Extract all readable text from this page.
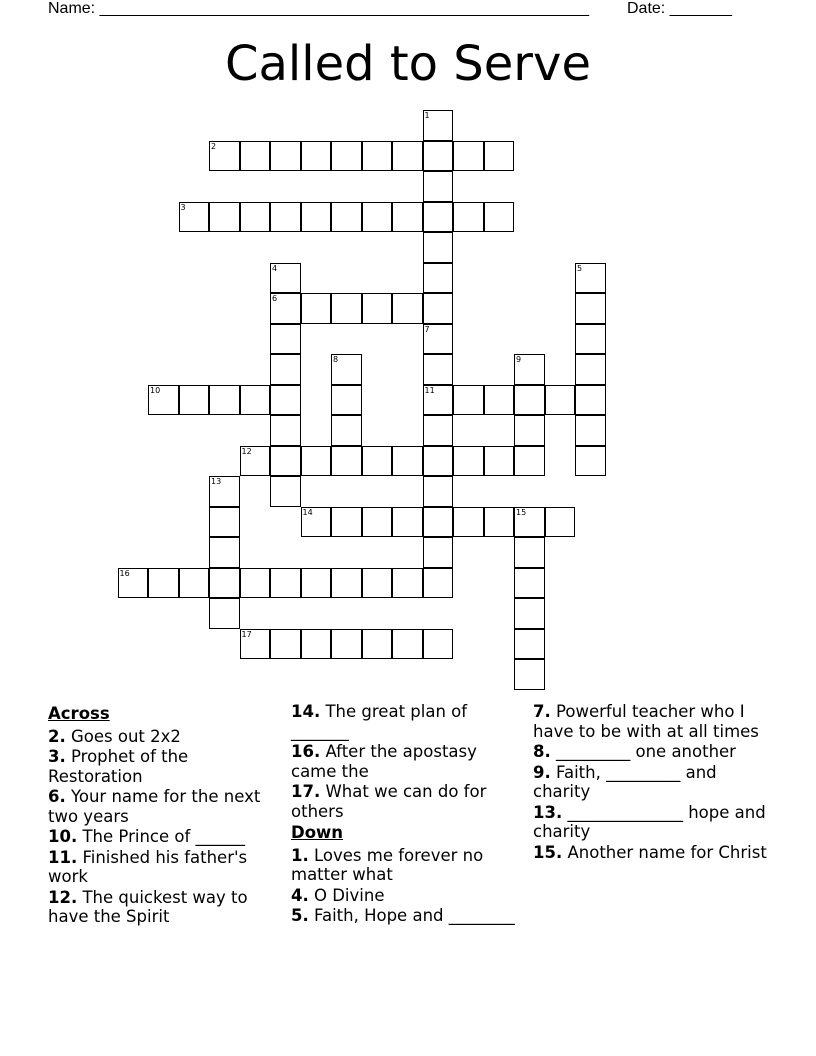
Name: _______________________________________________________ Date: _______
Called to Serve
1
2
3
4	5
6
7
8	9
10	11
12
13
14	15
16
17
Across
2. Goes out 2x2
3. Prophet of the Restoration
6. Your name for the next two years
10. The Prince of ______
11. Finished his father's work
12. The quickest way to have the Spirit
14. The great plan of _______
16. After the apostasy came the
17. What we can do for others
Down
1. Loves me forever no matter what
4. O Divine
5. Faith, Hope and ________
7. Powerful teacher who I have to be with at all times
8. _________ one another
9. Faith, _________ and charity
13. ______________ hope and charity
15. Another name for Christ
